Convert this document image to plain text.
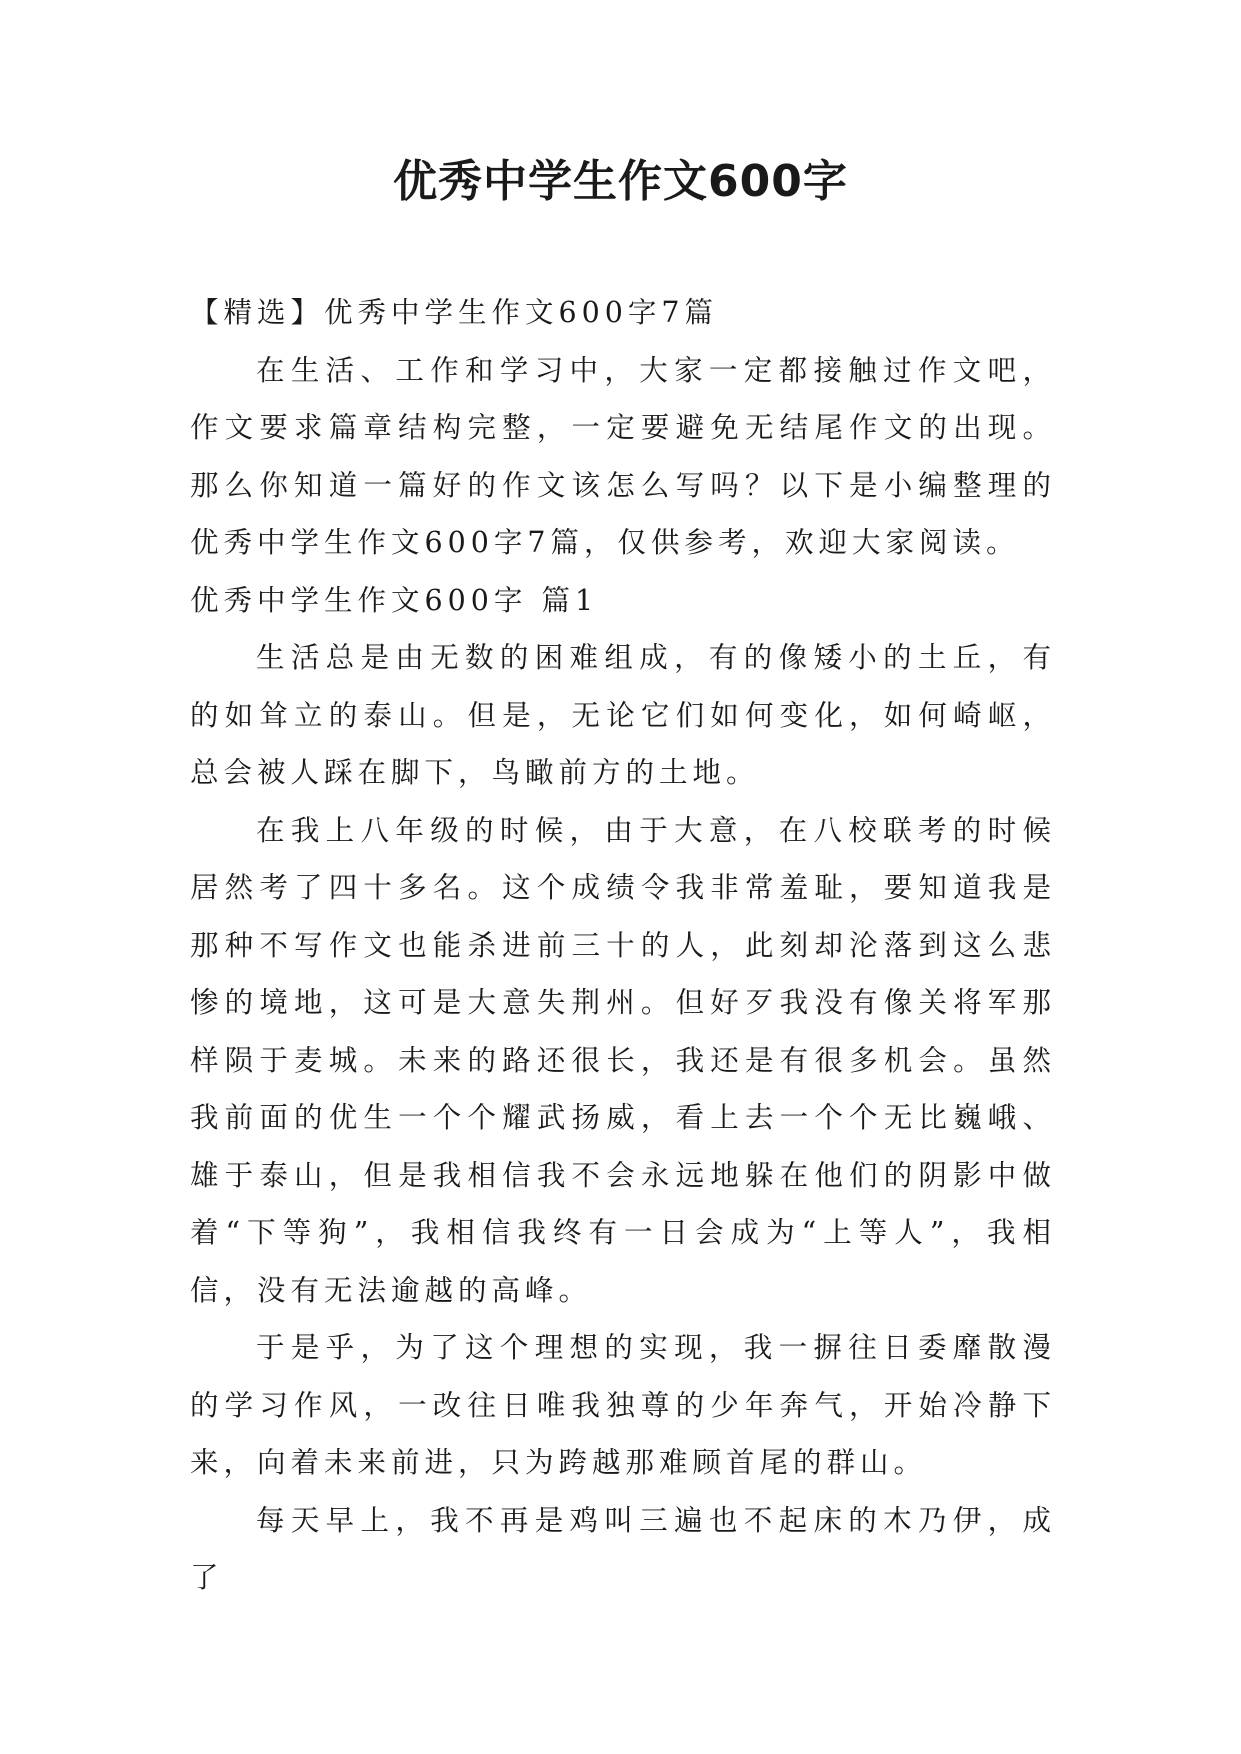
优秀中学生作文600字

【精选】优秀中学生作文600字7篇

在生活、工作和学习中，大家一定都接触过作文吧，作文要求篇章结构完整，一定要避免无结尾作文的出现。那么你知道一篇好的作文该怎么写吗？以下是小编整理的优秀中学生作文600字7篇，仅供参考，欢迎大家阅读。

优秀中学生作文600字 篇1

生活总是由无数的困难组成，有的像矮小的土丘，有的如耸立的泰山。但是，无论它们如何变化，如何崎岖，总会被人踩在脚下，鸟瞰前方的土地。

在我上八年级的时候，由于大意，在八校联考的时候居然考了四十多名。这个成绩令我非常羞耻，要知道我是那种不写作文也能杀进前三十的人，此刻却沦落到这么悲惨的境地，这可是大意失荆州。但好歹我没有像关将军那样陨于麦城。未来的路还很长，我还是有很多机会。虽然我前面的优生一个个耀武扬威，看上去一个个无比巍峨、雄于泰山，但是我相信我不会永远地躲在他们的阴影中做着“下等狗”，我相信我终有一日会成为“上等人”，我相信，没有无法逾越的高峰。

于是乎，为了这个理想的实现，我一摒往日委靡散漫的学习作风，一改往日唯我独尊的少年奔气，开始冷静下来，向着未来前进，只为跨越那难顾首尾的群山。

每天早上，我不再是鸡叫三遍也不起床的木乃伊，成了
